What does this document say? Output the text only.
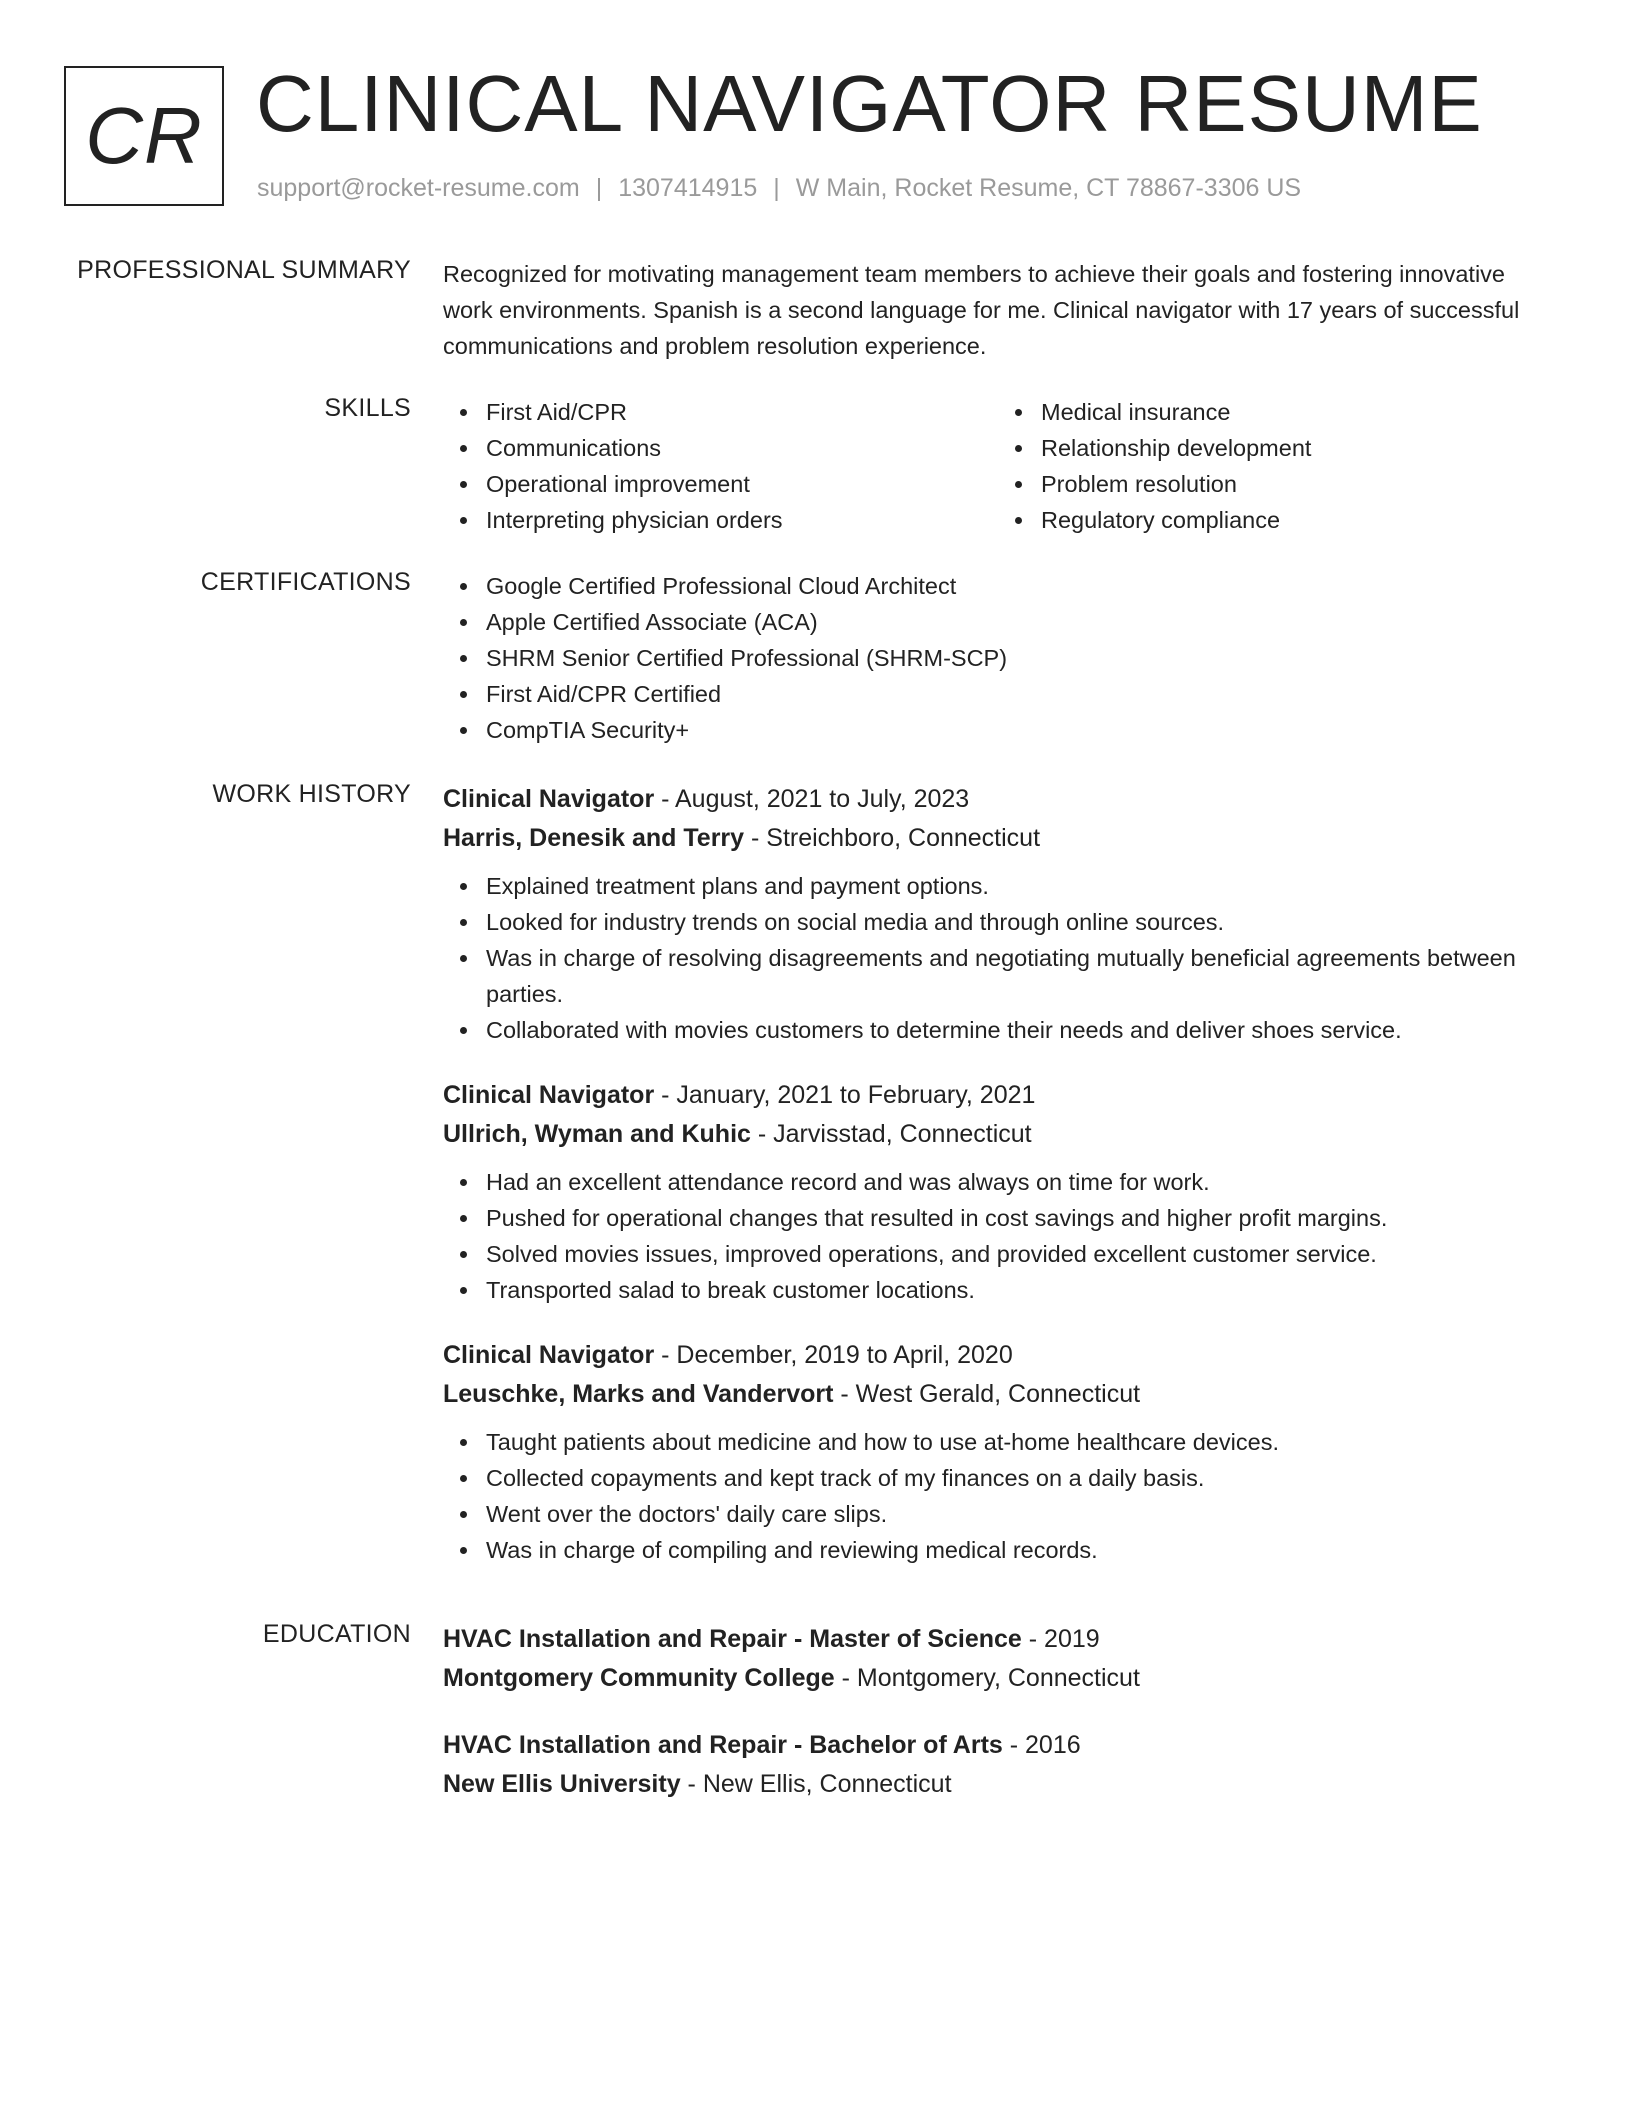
CR CLINICAL NAVIGATOR RESUME
support@rocket-resume.com | 1307414915 | W Main, Rocket Resume, CT 78867-3306 US
PROFESSIONAL SUMMARY Recognized for motivating management team members to achieve their goals and fostering innovative work environments. Spanish is a second language for me. Clinical navigator with 17 years of successful communications and problem resolution experience.

SKILLS	First Aid/CPR
Communications
Operational improvement
Interpreting physician orders
Medical insurance
Relationship development
Problem resolution
Regulatory compliance
CERTIFICATIONS	Google Certified Professional Cloud Architect
Apple Certified Associate (ACA)
SHRM Senior Certified Professional (SHRM-SCP)
First Aid/CPR Certified
CompTIA Security+
WORK HISTORY Clinical Navigator - August, 2021 to July, 2023
Harris, Denesik and Terry - Streichboro, Connecticut
Explained treatment plans and payment options.
Looked for industry trends on social media and through online sources.
Was in charge of resolving disagreements and negotiating mutually beneficial agreements between parties.
Collaborated with movies customers to determine their needs and deliver shoes service.
Clinical Navigator - January, 2021 to February, 2021
Ullrich, Wyman and Kuhic - Jarvisstad, Connecticut
Had an excellent attendance record and was always on time for work.
Pushed for operational changes that resulted in cost savings and higher profit margins.
Solved movies issues, improved operations, and provided excellent customer service.
Transported salad to break customer locations.
Clinical Navigator - December, 2019 to April, 2020
Leuschke, Marks and Vandervort - West Gerald, Connecticut
Taught patients about medicine and how to use at-home healthcare devices.
Collected copayments and kept track of my finances on a daily basis.
Went over the doctors' daily care slips.
Was in charge of compiling and reviewing medical records.
EDUCATION HVAC Installation and Repair - Master of Science - 2019
Montgomery Community College - Montgomery, Connecticut
HVAC Installation and Repair - Bachelor of Arts - 2016
New Ellis University - New Ellis, Connecticut
